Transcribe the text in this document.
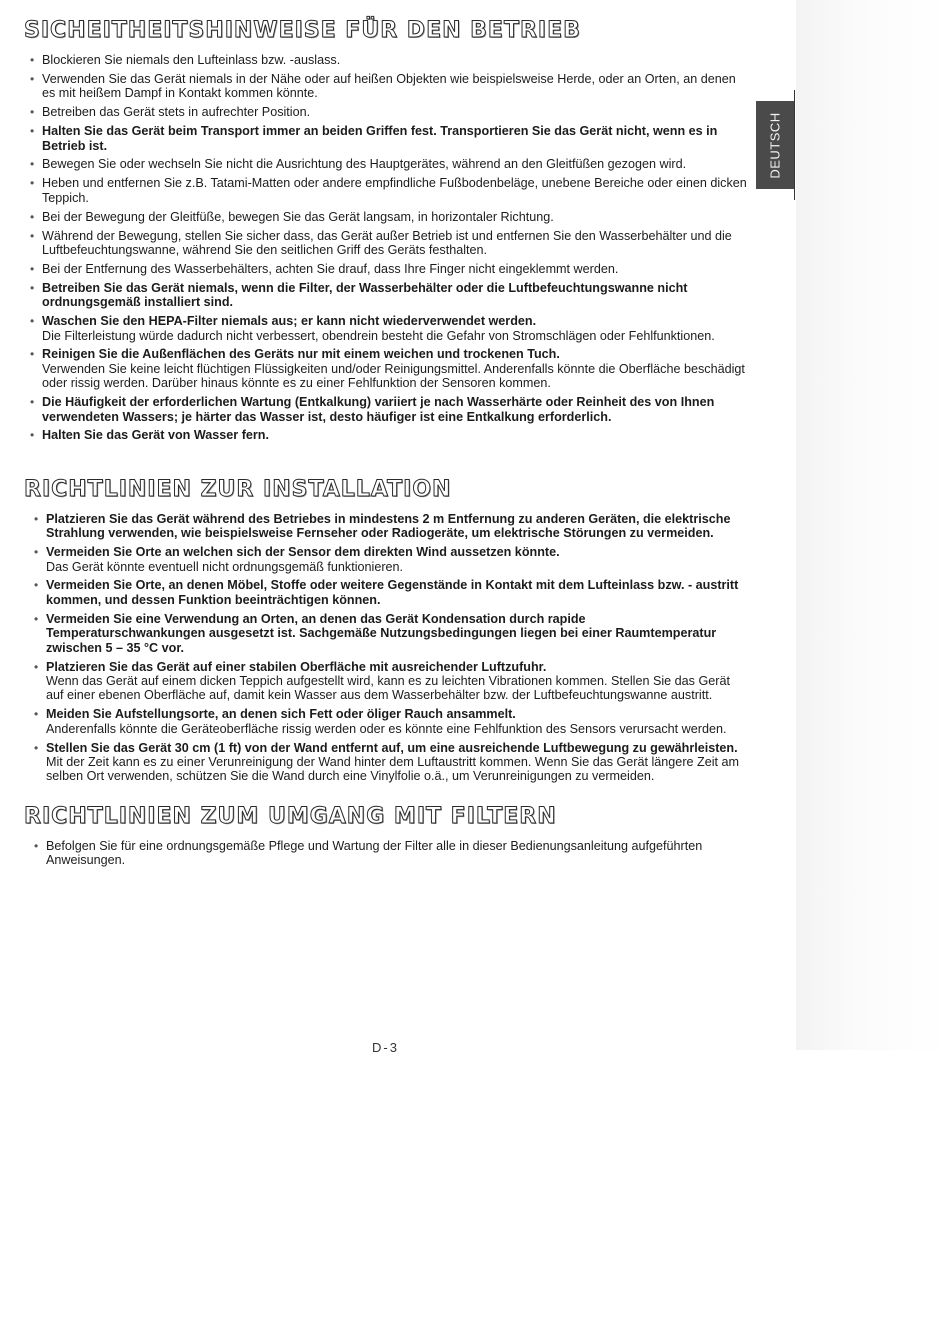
DEUTSCH
SICHEITHEITSHINWEISE FÜR DEN BETRIEB
• Blockieren Sie niemals den Lufteinlass bzw. -auslass.
• Verwenden Sie das Gerät niemals in der Nähe oder auf heißen Objekten wie beispielsweise Herde, oder an Orten, an denen es mit heißem Dampf in Kontakt kommen könnte.
• Betreiben das Gerät stets in aufrechter Position.
• Halten Sie das Gerät beim Transport immer an beiden Griffen fest. Transportieren Sie das Gerät nicht, wenn es in Betrieb ist.
• Bewegen Sie oder wechseln Sie nicht die Ausrichtung des Hauptgerätes, während an den Gleitfüßen gezogen wird.
• Heben und entfernen Sie z.B. Tatami-Matten oder andere empfindliche Fußbodenbeläge, unebene Bereiche oder einen dicken Teppich.
• Bei der Bewegung der Gleitfüße, bewegen Sie das Gerät langsam, in horizontaler Richtung.
• Während der Bewegung, stellen Sie sicher dass, das Gerät außer Betrieb ist und entfernen Sie den Wasserbehälter und die Luftbefeuchtungswanne, während Sie den seitlichen Griff des Geräts festhalten.
• Bei der Entfernung des Wasserbehälters, achten Sie drauf, dass Ihre Finger nicht eingeklemmt werden.
• Betreiben Sie das Gerät niemals, wenn die Filter, der Wasserbehälter oder die Luftbefeuchtungswanne nicht ordnungsgemäß installiert sind.
• Waschen Sie den HEPA-Filter niemals aus; er kann nicht wiederverwendet werden.
Die Filterleistung würde dadurch nicht verbessert, obendrein besteht die Gefahr von Stromschlägen oder Fehlfunktionen.
• Reinigen Sie die Außenflächen des Geräts nur mit einem weichen und trockenen Tuch.
Verwenden Sie keine leicht flüchtigen Flüssigkeiten und/oder Reinigungsmittel. Anderenfalls könnte die Oberfläche beschädigt oder rissig werden. Darüber hinaus könnte es zu einer Fehlfunktion der Sensoren kommen.
• Die Häufigkeit der erforderlichen Wartung (Entkalkung) variiert je nach Wasserhärte oder Reinheit des von Ihnen verwendeten Wassers; je härter das Wasser ist, desto häufiger ist eine Entkalkung erforderlich.
• Halten Sie das Gerät von Wasser fern.
RICHTLINIEN ZUR INSTALLATION
• Platzieren Sie das Gerät während des Betriebes in mindestens 2 m Entfernung zu anderen Geräten, die elektrische Strahlung verwenden, wie beispielsweise Fernseher oder Radiogeräte, um elektrische Störungen zu vermeiden.
• Vermeiden Sie Orte an welchen sich der Sensor dem direkten Wind aussetzen könnte.
Das Gerät könnte eventuell nicht ordnungsgemäß funktionieren.
• Vermeiden Sie Orte, an denen Möbel, Stoffe oder weitere Gegenstände in Kontakt mit dem Lufteinlass bzw. - austritt kommen, und dessen Funktion beeinträchtigen können.
• Vermeiden Sie eine Verwendung an Orten, an denen das Gerät Kondensation durch rapide Temperaturschwankungen ausgesetzt ist. Sachgemäße Nutzungsbedingungen liegen bei einer Raumtemperatur zwischen 5 – 35 °C vor.
• Platzieren Sie das Gerät auf einer stabilen Oberfläche mit ausreichender Luftzufuhr.
Wenn das Gerät auf einem dicken Teppich aufgestellt wird, kann es zu leichten Vibrationen kommen. Stellen Sie das Gerät auf einer ebenen Oberfläche auf, damit kein Wasser aus dem Wasserbehälter bzw. der Luftbefeuchtungswanne austritt.
• Meiden Sie Aufstellungsorte, an denen sich Fett oder öliger Rauch ansammelt.
Anderenfalls könnte die Geräteoberfläche rissig werden oder es könnte eine Fehlfunktion des Sensors verursacht werden.
• Stellen Sie das Gerät 30 cm (1 ft) von der Wand entfernt auf, um eine ausreichende Luftbewegung zu gewährleisten.
Mit der Zeit kann es zu einer Verunreinigung der Wand hinter dem Luftaustritt kommen. Wenn Sie das Gerät längere Zeit am selben Ort verwenden, schützen Sie die Wand durch eine Vinylfolie o.ä., um Verunreinigungen zu vermeiden.
RICHTLINIEN ZUM UMGANG MIT FILTERN
• Befolgen Sie für eine ordnungsgemäße Pflege und Wartung der Filter alle in dieser Bedienungsanleitung aufgeführten Anweisungen.
D-3
